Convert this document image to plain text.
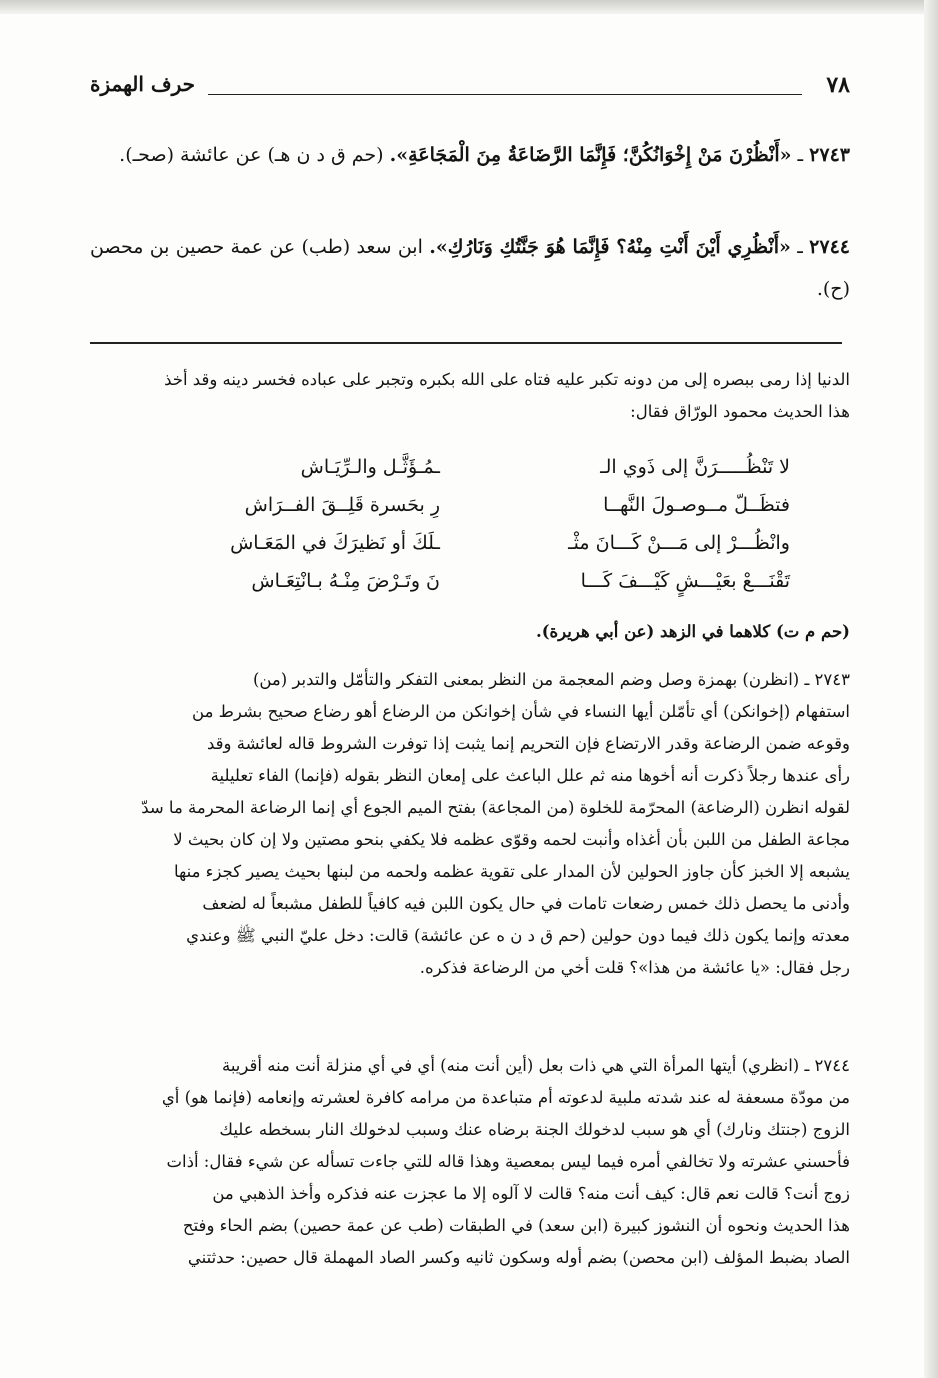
٧٨
حرف الهمزة
٢٧٤٣ ـ «أَنْظُرْنَ مَنْ إِخْوَانُكُنَّ؛ فَإِنَّمَا الرَّضَاعَةُ مِنَ الْمَجَاعَةِ». (حم ق د ن هـ) عن عائشة (صحـ).
٢٧٤٤ ـ «أَنْظُرِي أَيْنَ أَنْتِ مِنْهُ؟ فَإِنَّمَا هُوَ جَنَّتُكِ وَنَارُكِ». ابن سعد (طب) عن عمة حصين بن محصن (ح).
الدنيا إذا رمى ببصره إلى من دونه تكبر عليه فتاه على الله بكبره وتجبر على عباده فخسر دينه وقد أخذ
هذا الحديث محمود الورّاق فقال:
لا تَنْظُـــــرَنَّ إلى ذَوي الـ
ـمُـؤَثَّـل والـرِّيَـاش
فتظَــلّ مــوصـولَ النَّهــا
رِ بحَسرة قَلِــقَ الفــرَاش
وانْظُـــرْ إلى مَـــنْ كَـــانَ مثْـ
ـلَكَ أو نَظيرَكَ في المَعَـاش
تَقْنَـــعْ بعَيْـــشٍ كَيْـــفَ كَـــا
نَ وتَـرْضَ مِنْـهُ بـانْتِعَـاش
(حم م ت) كلاهما في الزهد (عن أبي هريرة).
٢٧٤٣ ـ (انظرن) بهمزة وصل وضم المعجمة من النظر بمعنى التفكر والتأمّل والتدبر (من)
استفهام (إخوانكن) أي تأمّلن أيها النساء في شأن إخوانكن من الرضاع أهو رضاع صحيح بشرط من
وقوعه ضمن الرضاعة وقدر الارتضاع فإن التحريم إنما يثبت إذا توفرت الشروط قاله لعائشة وقد
رأى عندها رجلاً ذكرت أنه أخوها منه ثم علل الباعث على إمعان النظر بقوله (فإنما) الفاء تعليلية
لقوله انظرن (الرضاعة) المحرّمة للخلوة (من المجاعة) بفتح الميم الجوع أي إنما الرضاعة المحرمة ما سدّ
مجاعة الطفل من اللبن بأن أغذاه وأنبت لحمه وقوّى عظمه فلا يكفي بنحو مصتين ولا إن كان بحيث لا
يشبعه إلا الخبز كأن جاوز الحولين لأن المدار على تقوية عظمه ولحمه من لبنها بحيث يصير كجزء منها
وأدنى ما يحصل ذلك خمس رضعات تامات في حال يكون اللبن فيه كافياً للطفل مشبعاً له لضعف
معدته وإنما يكون ذلك فيما دون حولين (حم ق د ن ه عن عائشة) قالت: دخل عليّ النبي ﷺ وعندي
رجل فقال: «يا عائشة من هذا»؟ قلت أخي من الرضاعة فذكره.
٢٧٤٤ ـ (انظري) أيتها المرأة التي هي ذات بعل (أين أنت منه) أي في أي منزلة أنت منه أقريبة
من مودّة مسعفة له عند شدته ملبية لدعوته أم متباعدة من مرامه كافرة لعشرته وإنعامه (فإنما هو) أي
الزوج (جنتك ونارك) أي هو سبب لدخولك الجنة برضاه عنك وسبب لدخولك النار بسخطه عليك
فأحسني عشرته ولا تخالفي أمره فيما ليس بمعصية وهذا قاله للتي جاءت تسأله عن شيء فقال: أذات
زوج أنت؟ قالت نعم قال: كيف أنت منه؟ قالت لا آلوه إلا ما عجزت عنه فذكره وأخذ الذهبي من
هذا الحديث ونحوه أن النشوز كبيرة (ابن سعد) في الطبقات (طب عن عمة حصين) بضم الحاء وفتح
الصاد بضبط المؤلف (ابن محصن) بضم أوله وسكون ثانيه وكسر الصاد المهملة قال حصين: حدثتني
